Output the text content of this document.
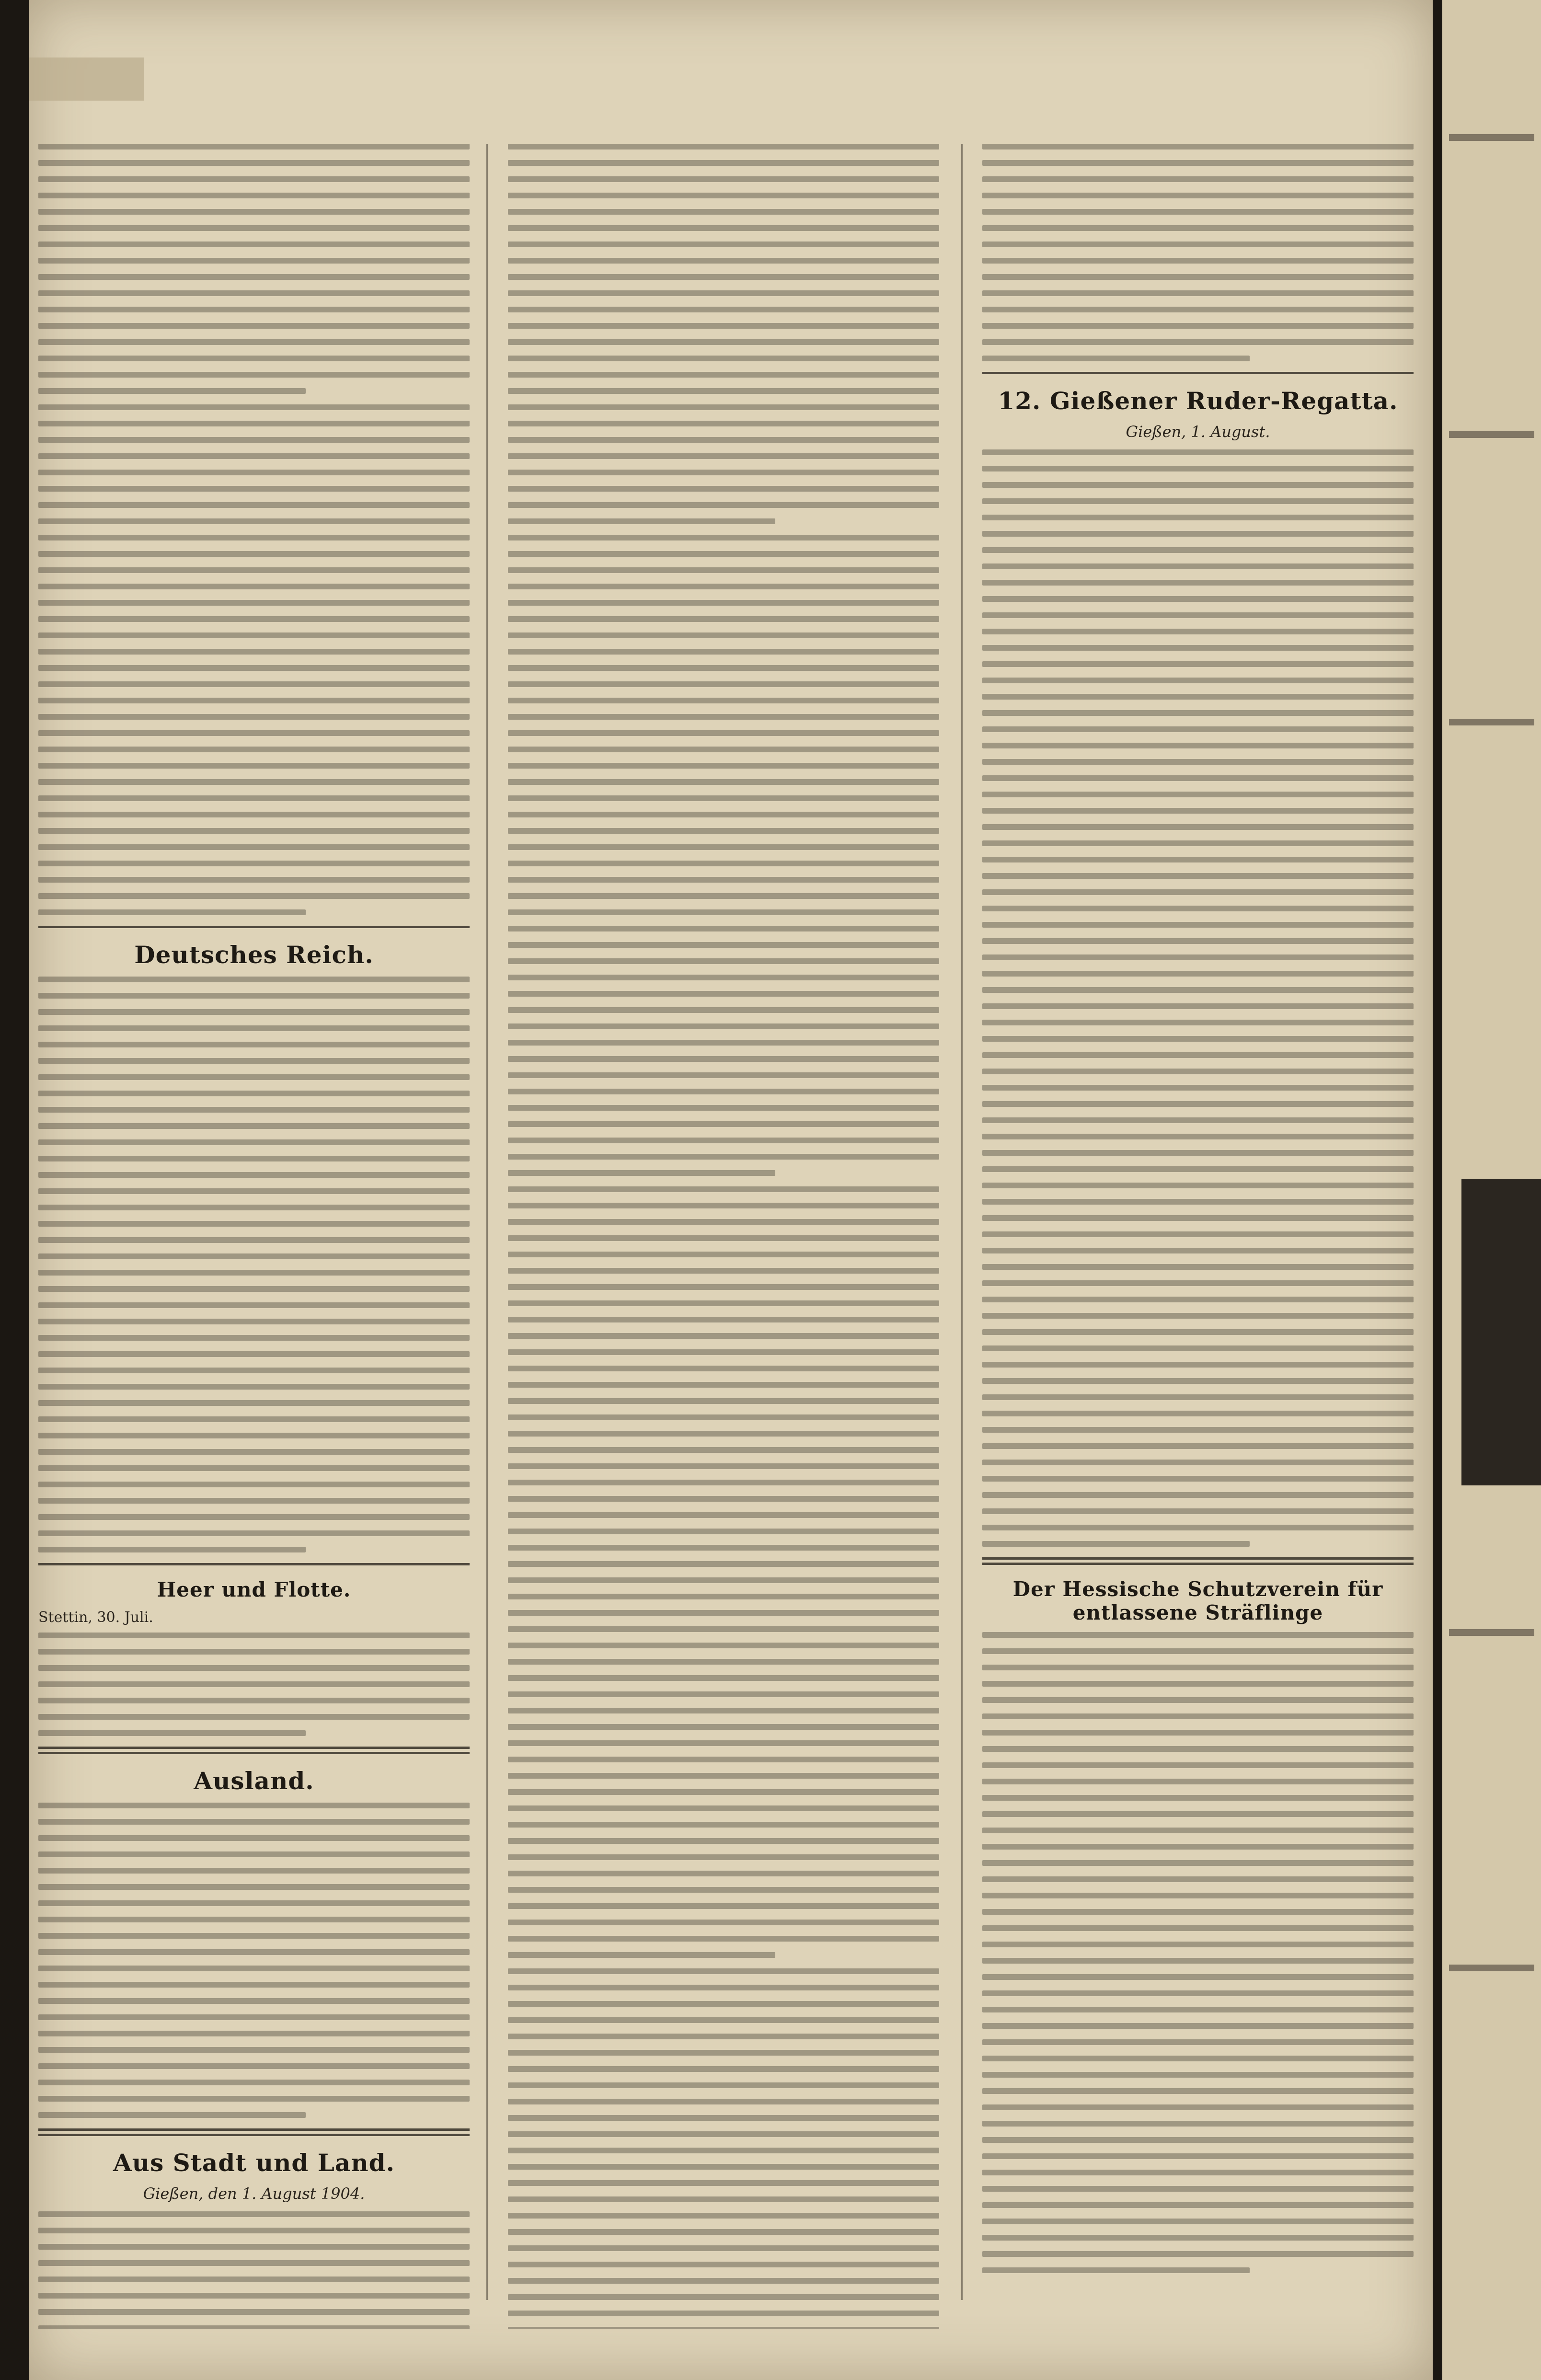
Deutsches Reich.
Heer und Flotte.
Stettin, 30. Juli.
Ausland.
Aus Stadt und Land.
Gießen, den 1. August 1904.
12. Gießener Ruder-Regatta.
Gießen, 1. August.
Der Hessische Schutzverein für entlassene Sträflinge
